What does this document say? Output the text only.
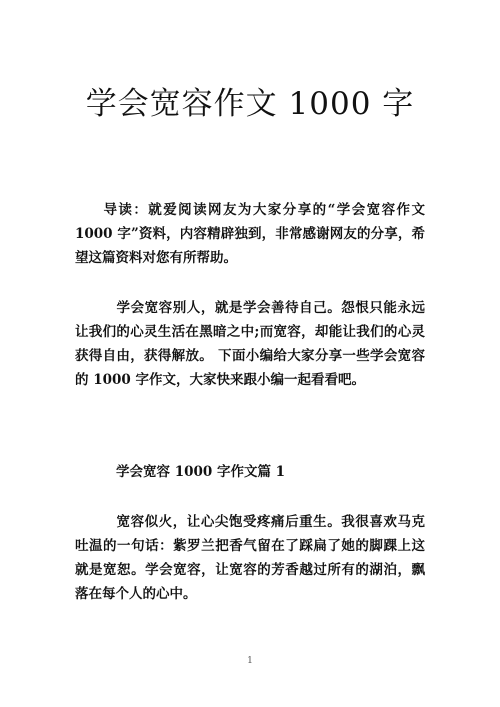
学会宽容作文 1000 字

导读：就爱阅读网友为大家分享的“学会宽容作文 1000 字”资料，内容精辟独到，非常感谢网友的分享，希望这篇资料对您有所帮助。

学会宽容别人，就是学会善待自己。怨恨只能永远让我们的心灵生活在黑暗之中;而宽容，却能让我们的心灵获得自由，获得解放。 下面小编给大家分享一些学会宽容的 1000 字作文，大家快来跟小编一起看看吧。

学会宽容 1000 字作文篇 1

宽容似火，让心尖饱受疼痛后重生。我很喜欢马克吐温的一句话：紫罗兰把香气留在了踩扁了她的脚踝上这就是宽恕。学会宽容，让宽容的芳香越过所有的湖泊，飘落在每个人的心中。

1
